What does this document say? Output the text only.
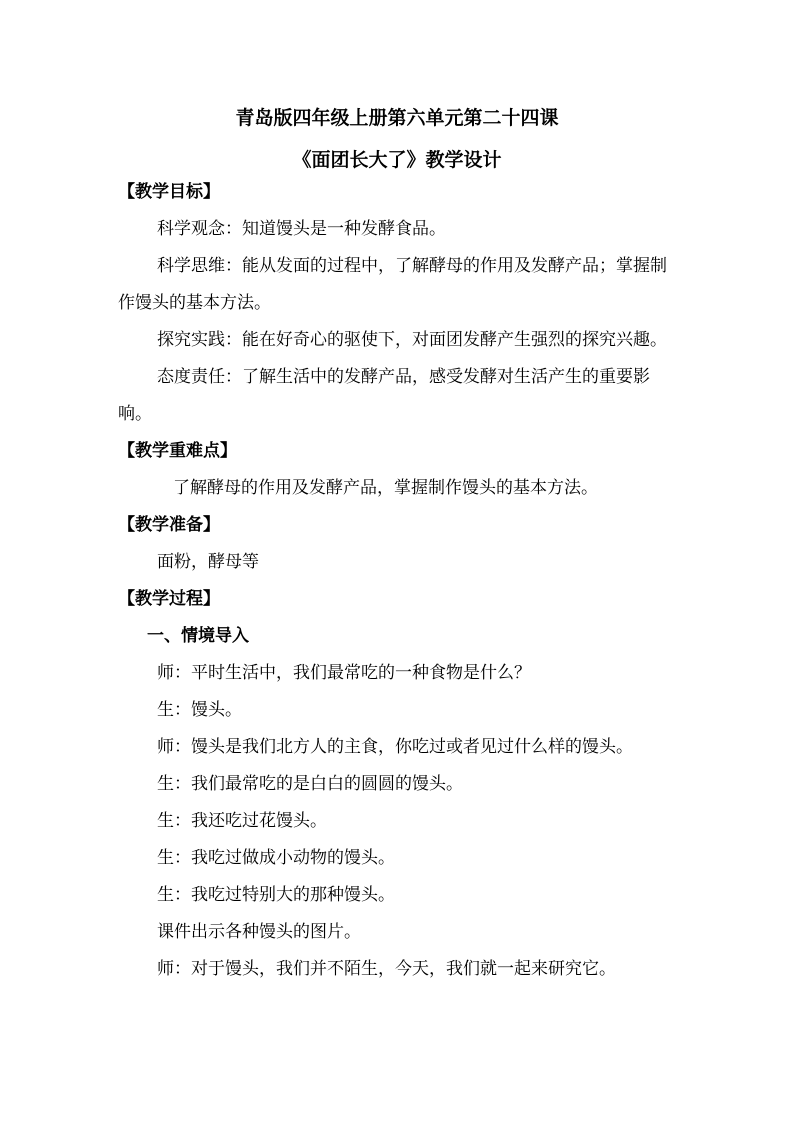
青岛版四年级上册第六单元第二十四课
《面团长大了》教学设计
【教学目标】

科学观念：知道馒头是一种发酵食品。

科学思维：能从发面的过程中，了解酵母的作用及发酵产品；掌握制作馒头的基本方法。

探究实践：能在好奇心的驱使下，对面团发酵产生强烈的探究兴趣。

态度责任：了解生活中的发酵产品，感受发酵对生活产生的重要影响。

【教学重难点】

了解酵母的作用及发酵产品，掌握制作馒头的基本方法。

【教学准备】

面粉，酵母等

【教学过程】
一、情境导入

师：平时生活中，我们最常吃的一种食物是什么？

生：馒头。

师：馒头是我们北方人的主食，你吃过或者见过什么样的馒头。

生：我们最常吃的是白白的圆圆的馒头。

生：我还吃过花馒头。

生：我吃过做成小动物的馒头。

生：我吃过特别大的那种馒头。

课件出示各种馒头的图片。

师：对于馒头，我们并不陌生，今天，我们就一起来研究它。
